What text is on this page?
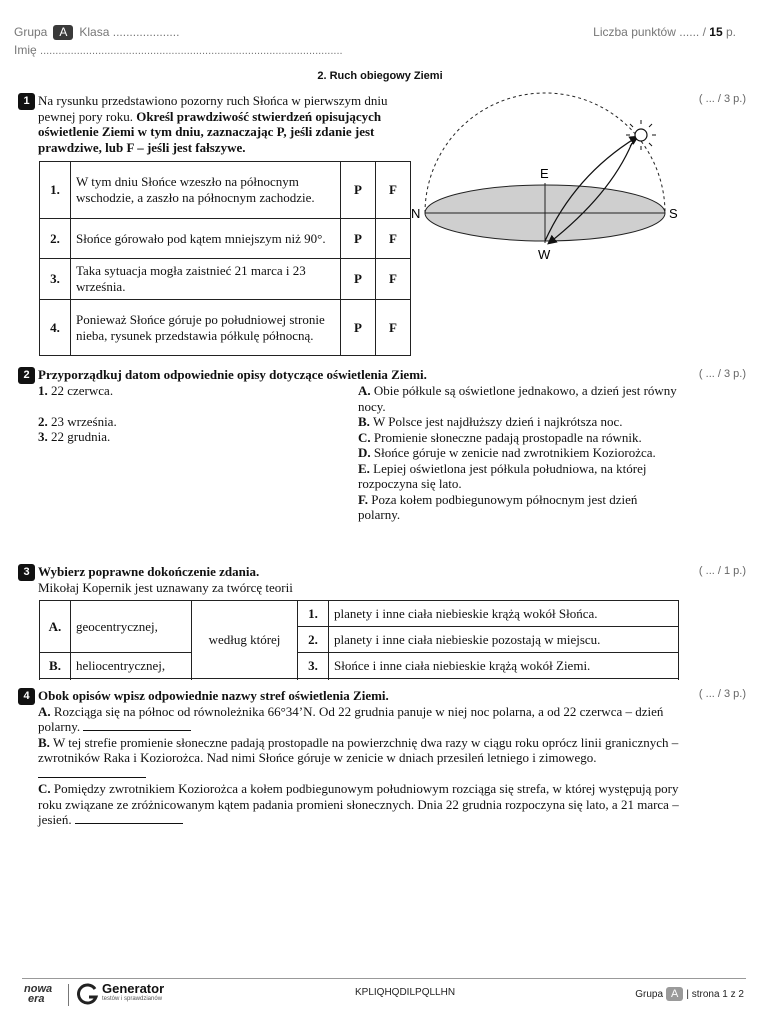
Grupa A Klasa ....................
Imię ...................................................................................................
Liczba punktów ...... / 15 p.
2. Ruch obiegowy Ziemi
1	( ... / 3 p.)
Na rysunku przedstawiono pozorny ruch Słońca w pierwszym dniu pewnej pory roku. Określ prawdziwość stwierdzeń opisujących oświetlenie Ziemi w tym dniu, zaznaczając P, jeśli zdanie jest prawdziwe, lub F – jeśli jest fałszywe.
1.	W tym dniu Słońce wzeszło na północnym wschodzie, a zaszło na północnym zachodzie.	P	F
2.	Słońce górowało pod kątem mniejszym niż 90°.	P	F
3.	Taka sytuacja mogła zaistnieć 21 marca i 23 września.	P	F
4.	Ponieważ Słońce góruje po południowej stronie nieba, rysunek przedstawia półkulę północną.	P	F
N	S
E
W
2	( ... / 3 p.)
Przyporządkuj datom odpowiednie opisy dotyczące oświetlenia Ziemi.
1. 22 czerwca.
2. 23 września.
3. 22 grudnia.
A. Obie półkule są oświetlone jednakowo, a dzień jest równy nocy.
B. W Polsce jest najdłuższy dzień i najkrótsza noc.
C. Promienie słoneczne padają prostopadle na równik.
D. Słońce góruje w zenicie nad zwrotnikiem Koziorożca.
E. Lepiej oświetlona jest półkula południowa, na której rozpoczyna się lato.
F. Poza kołem podbiegunowym północnym jest dzień polarny.
3	( ... / 1 p.)
Wybierz poprawne dokończenie zdania.
Mikołaj Kopernik jest uznawany za twórcę teorii
A.	geocentrycznej,	według której	1.	planety i inne ciała niebieskie krążą wokół Słońca.

			2.	planety i inne ciała niebieskie pozostają w miejscu.
B.	heliocentrycznej,			
			3.	Słońce i inne ciała niebieskie krążą wokół Ziemi.

4	( ... / 3 p.)
Obok opisów wpisz odpowiednie nazwy stref oświetlenia Ziemi.
A. Rozciąga się na północ od równoleżnika 66°34’N. Od 22 grudnia panuje w niej noc polarna, a od 22 czerwca – dzień polarny.
B. W tej strefie promienie słoneczne padają prostopadle na powierzchnię dwa razy w ciągu roku oprócz linii granicznych – zwrotników Raka i Koziorożca. Nad nimi Słońce góruje w zenicie w dniach przesileń letniego i zimowego.
C. Pomiędzy zwrotnikiem Koziorożca a kołem podbiegunowym południowym rozciąga się strefa, w której występują pory roku związane ze zróżnicowanym kątem padania promieni słonecznych. Dnia 22 grudnia rozpoczyna się lato, a 21 marca – jesień.
nowa
era
Generator
testów i sprawdzianów
KPLIQHQDILPQLLHN	Grupa A | strona 1 z 2
